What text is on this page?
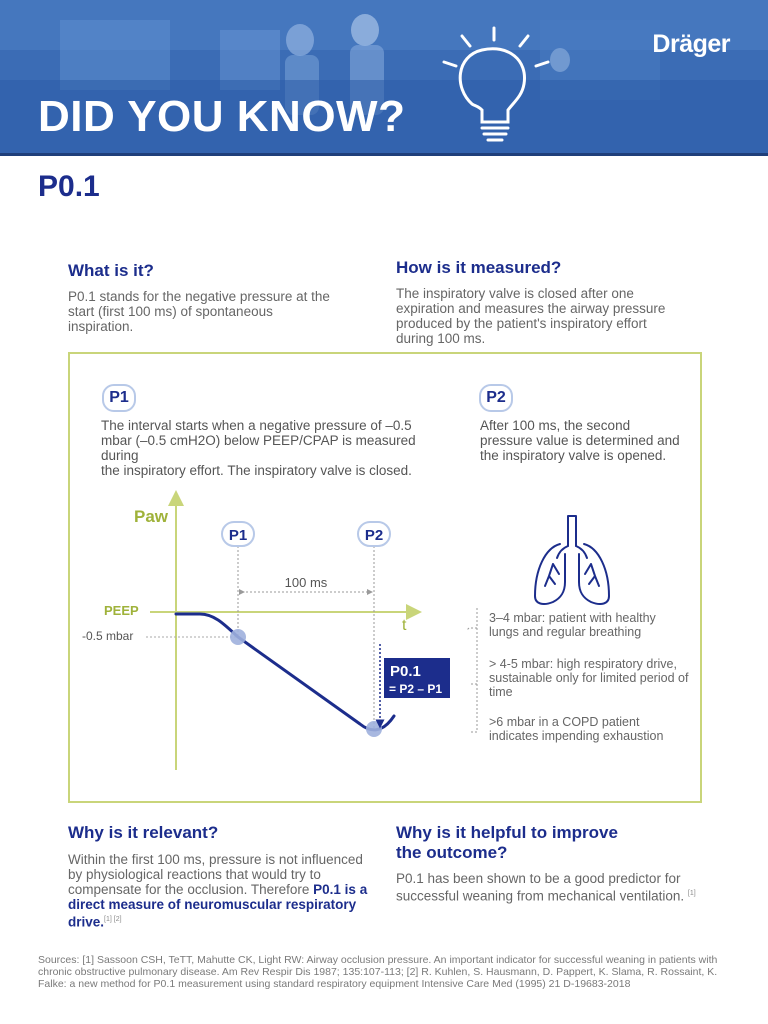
Dräger
DID YOU KNOW?
P0.1
What is it?

P0.1 stands for the negative pressure at the start (first 100 ms) of spontaneous inspiration.

How is it measured?

The inspiratory valve is closed after one expiration and measures the airway pressure produced by the patient's inspiratory effort during 100 ms.

P1

The interval starts when a negative pressure of –0.5
mbar (–0.5 cmH2O) below PEEP/CPAP is measured
during
the inspiratory effort. The inspiratory valve is closed.

P2

After 100 ms, the second pressure value is determined and the inspiratory valve is opened.

3–4 mbar: patient with healthy lungs and regular breathing

> 4-5 mbar: high respiratory drive, sustainable only for limited period of time

>6 mbar in a COPD patient indicates impending exhaustion

Paw
t
PEEP
-0.5 mbar
P1	P2
100 ms
P0.1
= P2 – P1
Why is it relevant?

Within the first 100 ms, pressure is not influenced by physiological reactions that would try to compensate for the occlusion. Therefore P0.1 is a direct measure of neuromuscular respiratory drive.[1] [2]

Why is it helpful to improve
the outcome?

P0.1 has been shown to be a good predictor for successful weaning from mechanical ventilation. [1]

Sources: [1] Sassoon CSH, TeTT, Mahutte CK, Light RW: Airway occlusion pressure. An important indicator for successful weaning in patients with chronic obstructive pulmonary disease. Am Rev Respir Dis 1987; 135:107-113; [2] R. Kuhlen, S. Hausmann, D. Pappert, K. Slama, R. Rossaint, K. Falke: a new method for P0.1 measurement using standard respiratory equipment Intensive Care Med (1995) 21 D-19683-2018
